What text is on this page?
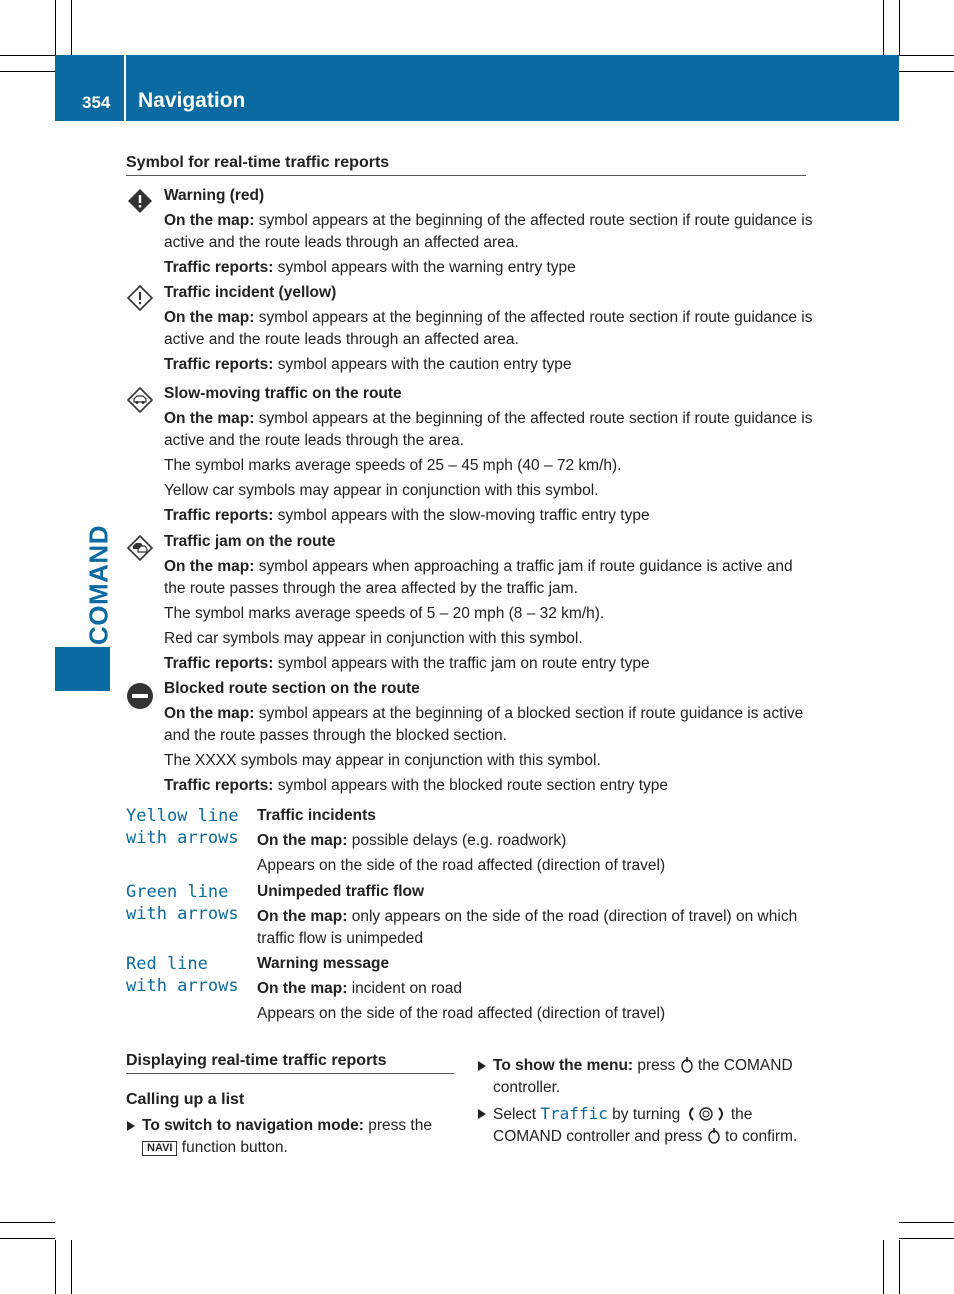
354 Navigation
COMAND
Symbol for real-time traffic reports
Warning (red)

On the map: symbol appears at the beginning of the affected route section if route guidance is active and the route leads through an affected area.

Traffic reports: symbol appears with the warning entry type

Traffic incident (yellow)

On the map: symbol appears at the beginning of the affected route section if route guidance is active and the route leads through an affected area.

Traffic reports: symbol appears with the caution entry type

Slow-moving traffic on the route

On the map: symbol appears at the beginning of the affected route section if route guidance is active and the route leads through the area.

The symbol marks average speeds of 25 – 45 mph (40 – 72 km/h).

Yellow car symbols may appear in conjunction with this symbol.

Traffic reports: symbol appears with the slow-moving traffic entry type

Traffic jam on the route

On the map: symbol appears when approaching a traffic jam if route guidance is active and the route passes through the area affected by the traffic jam.

The symbol marks average speeds of 5 – 20 mph (8 – 32 km/h).

Red car symbols may appear in conjunction with this symbol.

Traffic reports: symbol appears with the traffic jam on route entry type

Blocked route section on the route

On the map: symbol appears at the beginning of a blocked section if route guidance is active and the route passes through the blocked section.

The XXXX symbols may appear in conjunction with this symbol.

Traffic reports: symbol appears with the blocked route section entry type

Yellow line
with arrows
Traffic incidents

On the map: possible delays (e.g. roadwork)

Appears on the side of the road affected (direction of travel)

Green line
with arrows
Unimpeded traffic flow

On the map: only appears on the side of the road (direction of travel) on which traffic flow is unimpeded

Red line
with arrows
Warning message

On the map: incident on road

Appears on the side of the road affected (direction of travel)

Displaying real-time traffic reports
Calling up a list
To switch to navigation mode: press the NAVI function button.
To show the menu: press the COMAND controller.
Select Traffic by turning	the COMAND controller and press to confirm.
